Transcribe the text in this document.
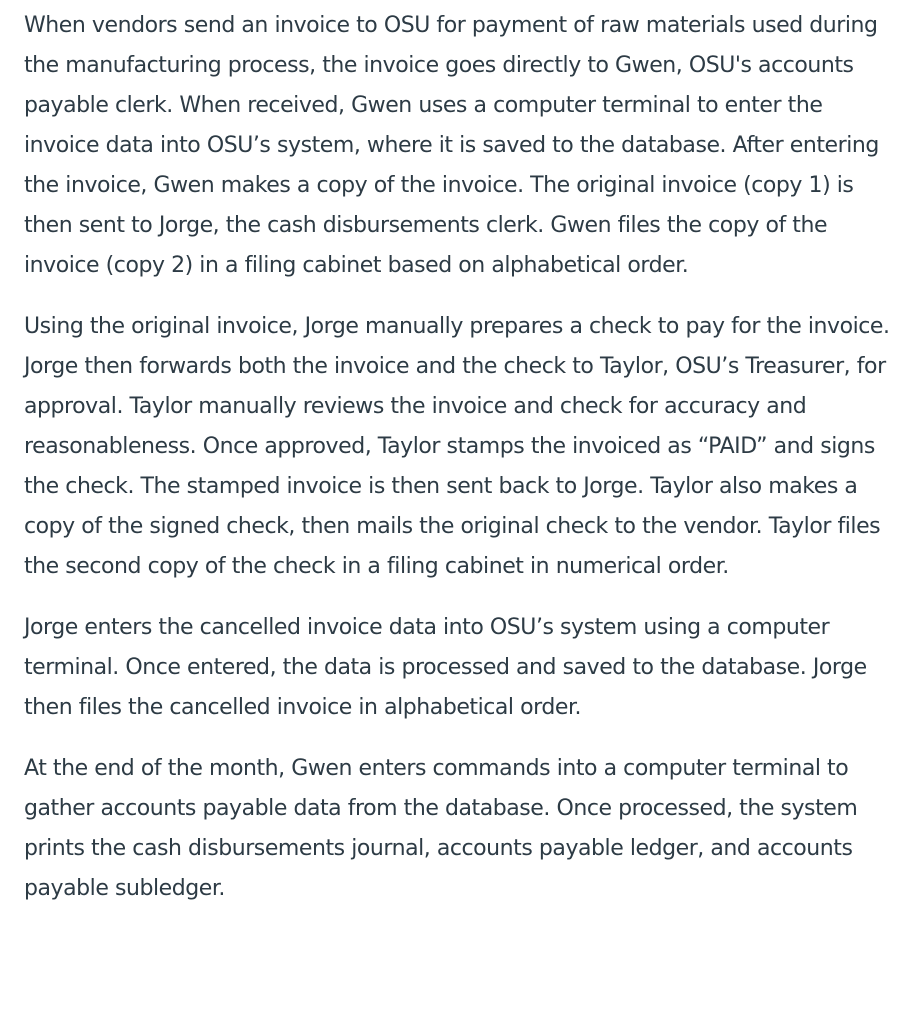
When vendors send an invoice to OSU for payment of raw materials used during the manufacturing process, the invoice goes directly to Gwen, OSU's accounts payable clerk. When received, Gwen uses a computer terminal to enter the invoice data into OSU’s system, where it is saved to the database. After entering the invoice, Gwen makes a copy of the invoice. The original invoice (copy 1) is then sent to Jorge, the cash disbursements clerk. Gwen files the copy of the invoice (copy 2) in a filing cabinet based on alphabetical order.

Using the original invoice, Jorge manually prepares a check to pay for the invoice. Jorge then forwards both the invoice and the check to Taylor, OSU’s Treasurer, for approval. Taylor manually reviews the invoice and check for accuracy and reasonableness. Once approved, Taylor stamps the invoiced as “PAID” and signs the check. The stamped invoice is then sent back to Jorge. Taylor also makes a copy of the signed check, then mails the original check to the vendor. Taylor files the second copy of the check in a filing cabinet in numerical order.

Jorge enters the cancelled invoice data into OSU’s system using a computer terminal. Once entered, the data is processed and saved to the database. Jorge then files the cancelled invoice in alphabetical order.

At the end of the month, Gwen enters commands into a computer terminal to gather accounts payable data from the database. Once processed, the system prints the cash disbursements journal, accounts payable ledger, and accounts payable subledger.
